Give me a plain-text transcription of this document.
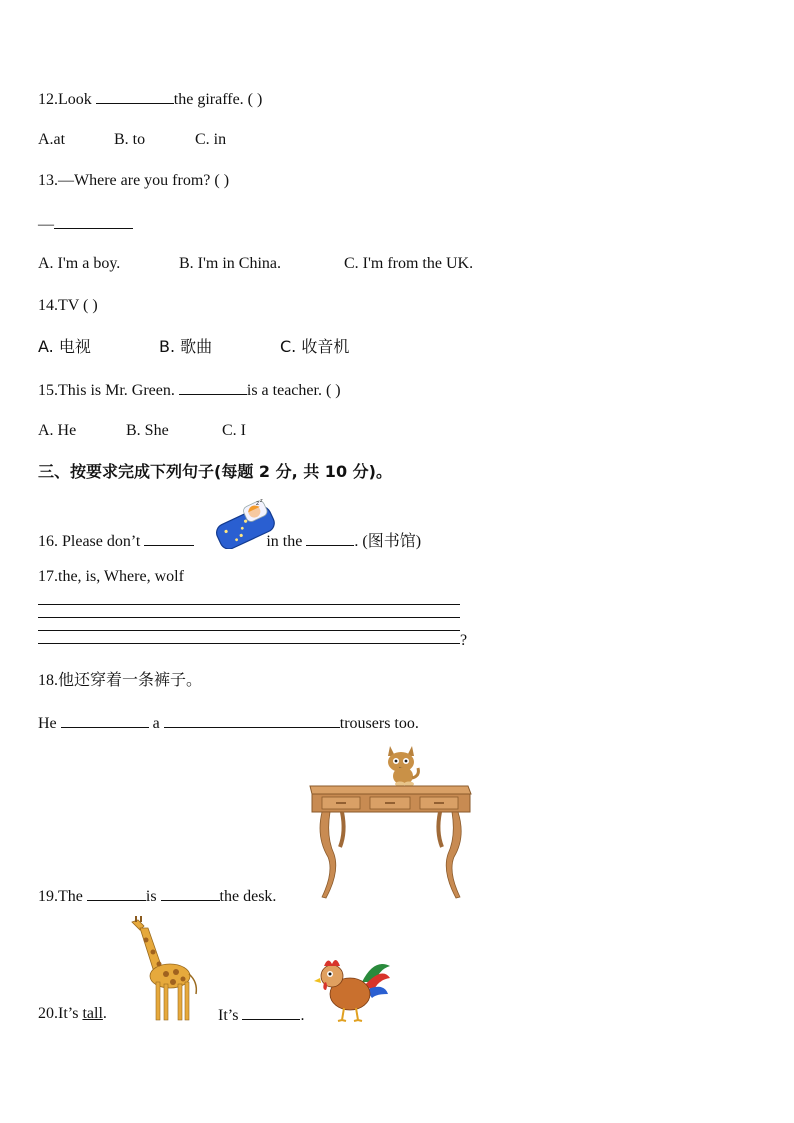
12.Look	the giraffe. ( )
A.at	B. to	C. in
13.—Where are you from? ( )
—
A. I'm a boy.	B. I'm in China.	C. I'm from the UK.
14.TV ( )
A. 电视	B. 歌曲	C. 收音机
15.This is Mr. Green.	is a teacher. ( )
A. He	B. She	C. I
三、按要求完成下列句子(每题 2 分, 共 10 分)。
16. Please don’t	in the	. (图书馆)
z z
17.the, is, Where, wolf
?
18.他还穿着一条裤子。
He	a	trousers too.
19.The	is	the desk.
20.It’s tall.	It’s	.
